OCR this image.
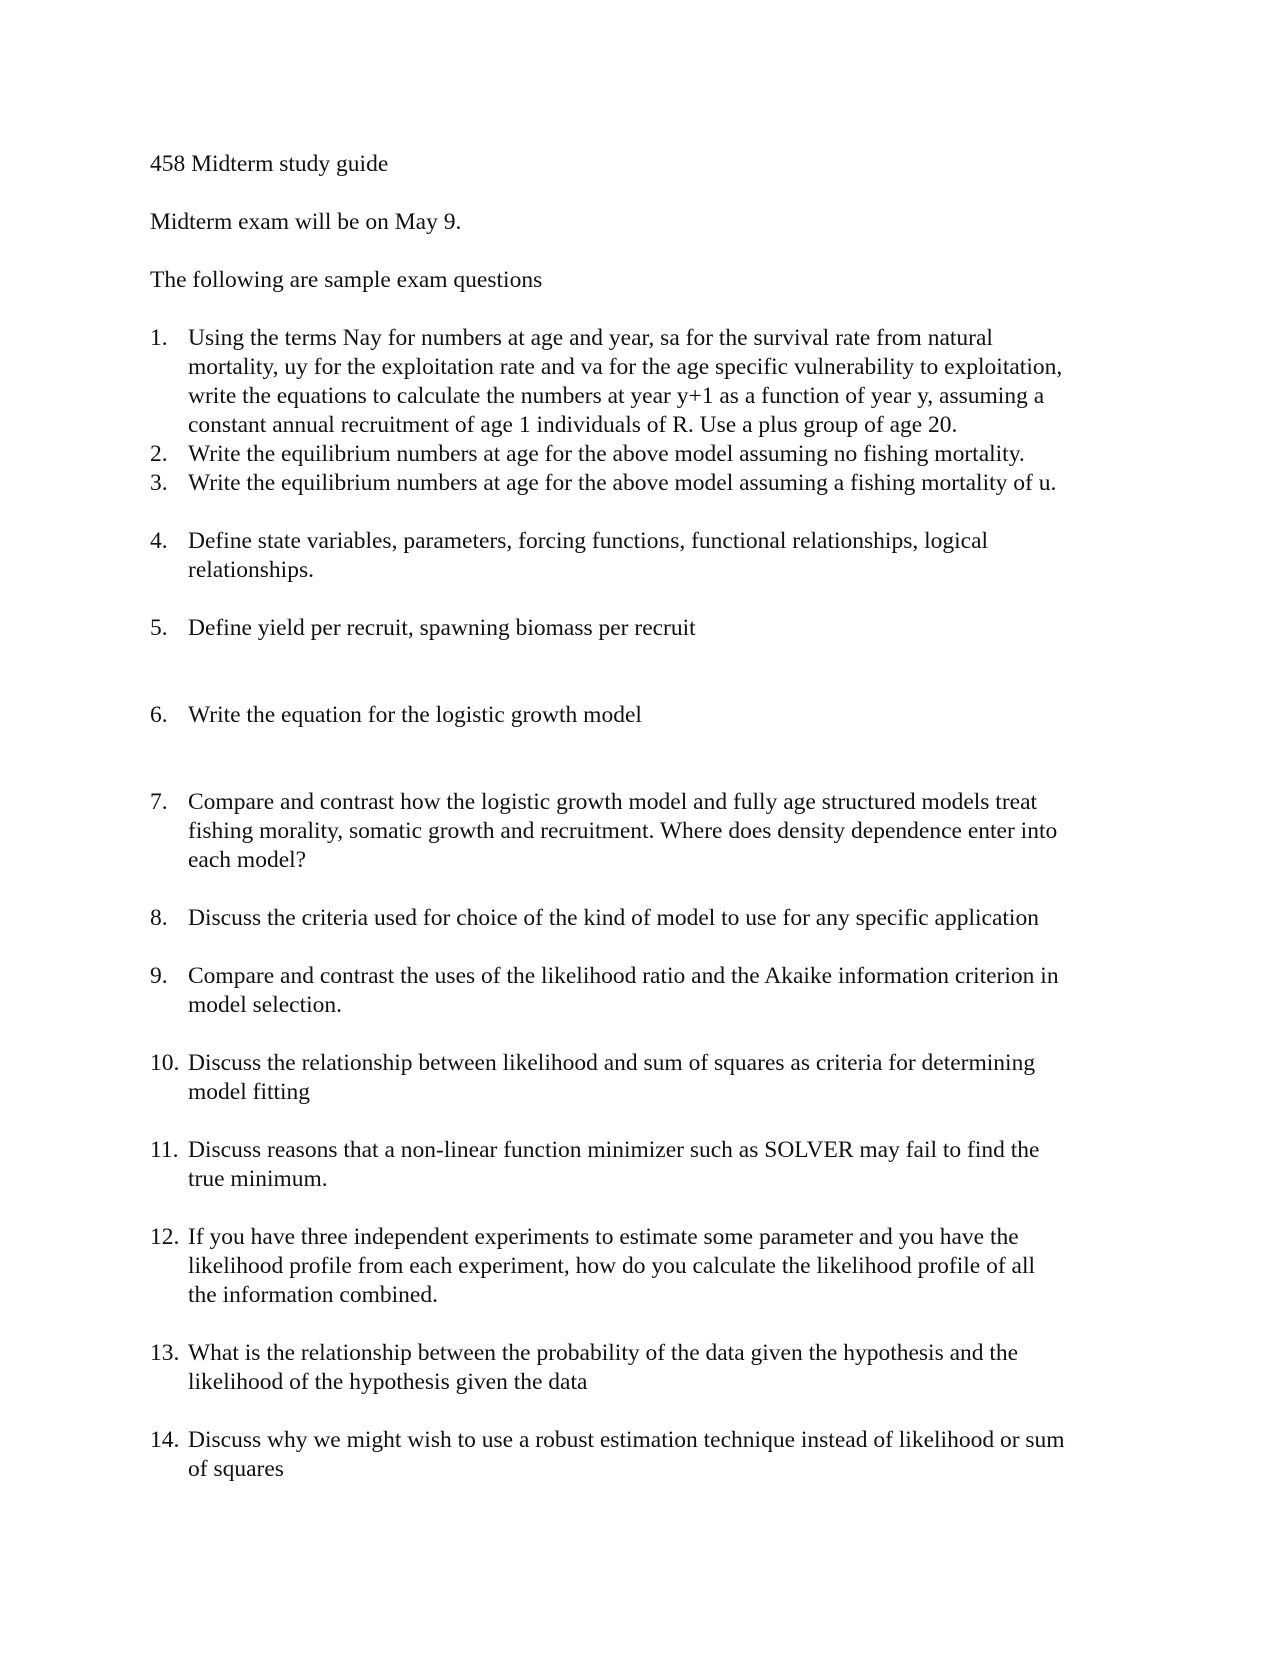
458 Midterm study guide

Midterm exam will be on May 9.

The following are sample exam questions

1. Using the terms Nay for numbers at age and year, sa for the survival rate from natural
mortality, uy for the exploitation rate and va for the age specific vulnerability to exploitation,
write the equations to calculate the numbers at year y+1 as a function of year y, assuming a
constant annual recruitment of age 1 individuals of R. Use a plus group of age 20.
2. Write the equilibrium numbers at age for the above model assuming no fishing mortality.
3. Write the equilibrium numbers at age for the above model assuming a fishing mortality of u.
4. Define state variables, parameters, forcing functions, functional relationships, logical
relationships.
5. Define yield per recruit, spawning biomass per recruit
6. Write the equation for the logistic growth model
7. Compare and contrast how the logistic growth model and fully age structured models treat
fishing morality, somatic growth and recruitment. Where does density dependence enter into
each model?
8. Discuss the criteria used for choice of the kind of model to use for any specific application
9. Compare and contrast the uses of the likelihood ratio and the Akaike information criterion in
model selection.
10. Discuss the relationship between likelihood and sum of squares as criteria for determining
model fitting
11. Discuss reasons that a non-linear function minimizer such as SOLVER may fail to find the
true minimum.
12. If you have three independent experiments to estimate some parameter and you have the
likelihood profile from each experiment, how do you calculate the likelihood profile of all
the information combined.
13. What is the relationship between the probability of the data given the hypothesis and the
likelihood of the hypothesis given the data
14. Discuss why we might wish to use a robust estimation technique instead of likelihood or sum
of squares
